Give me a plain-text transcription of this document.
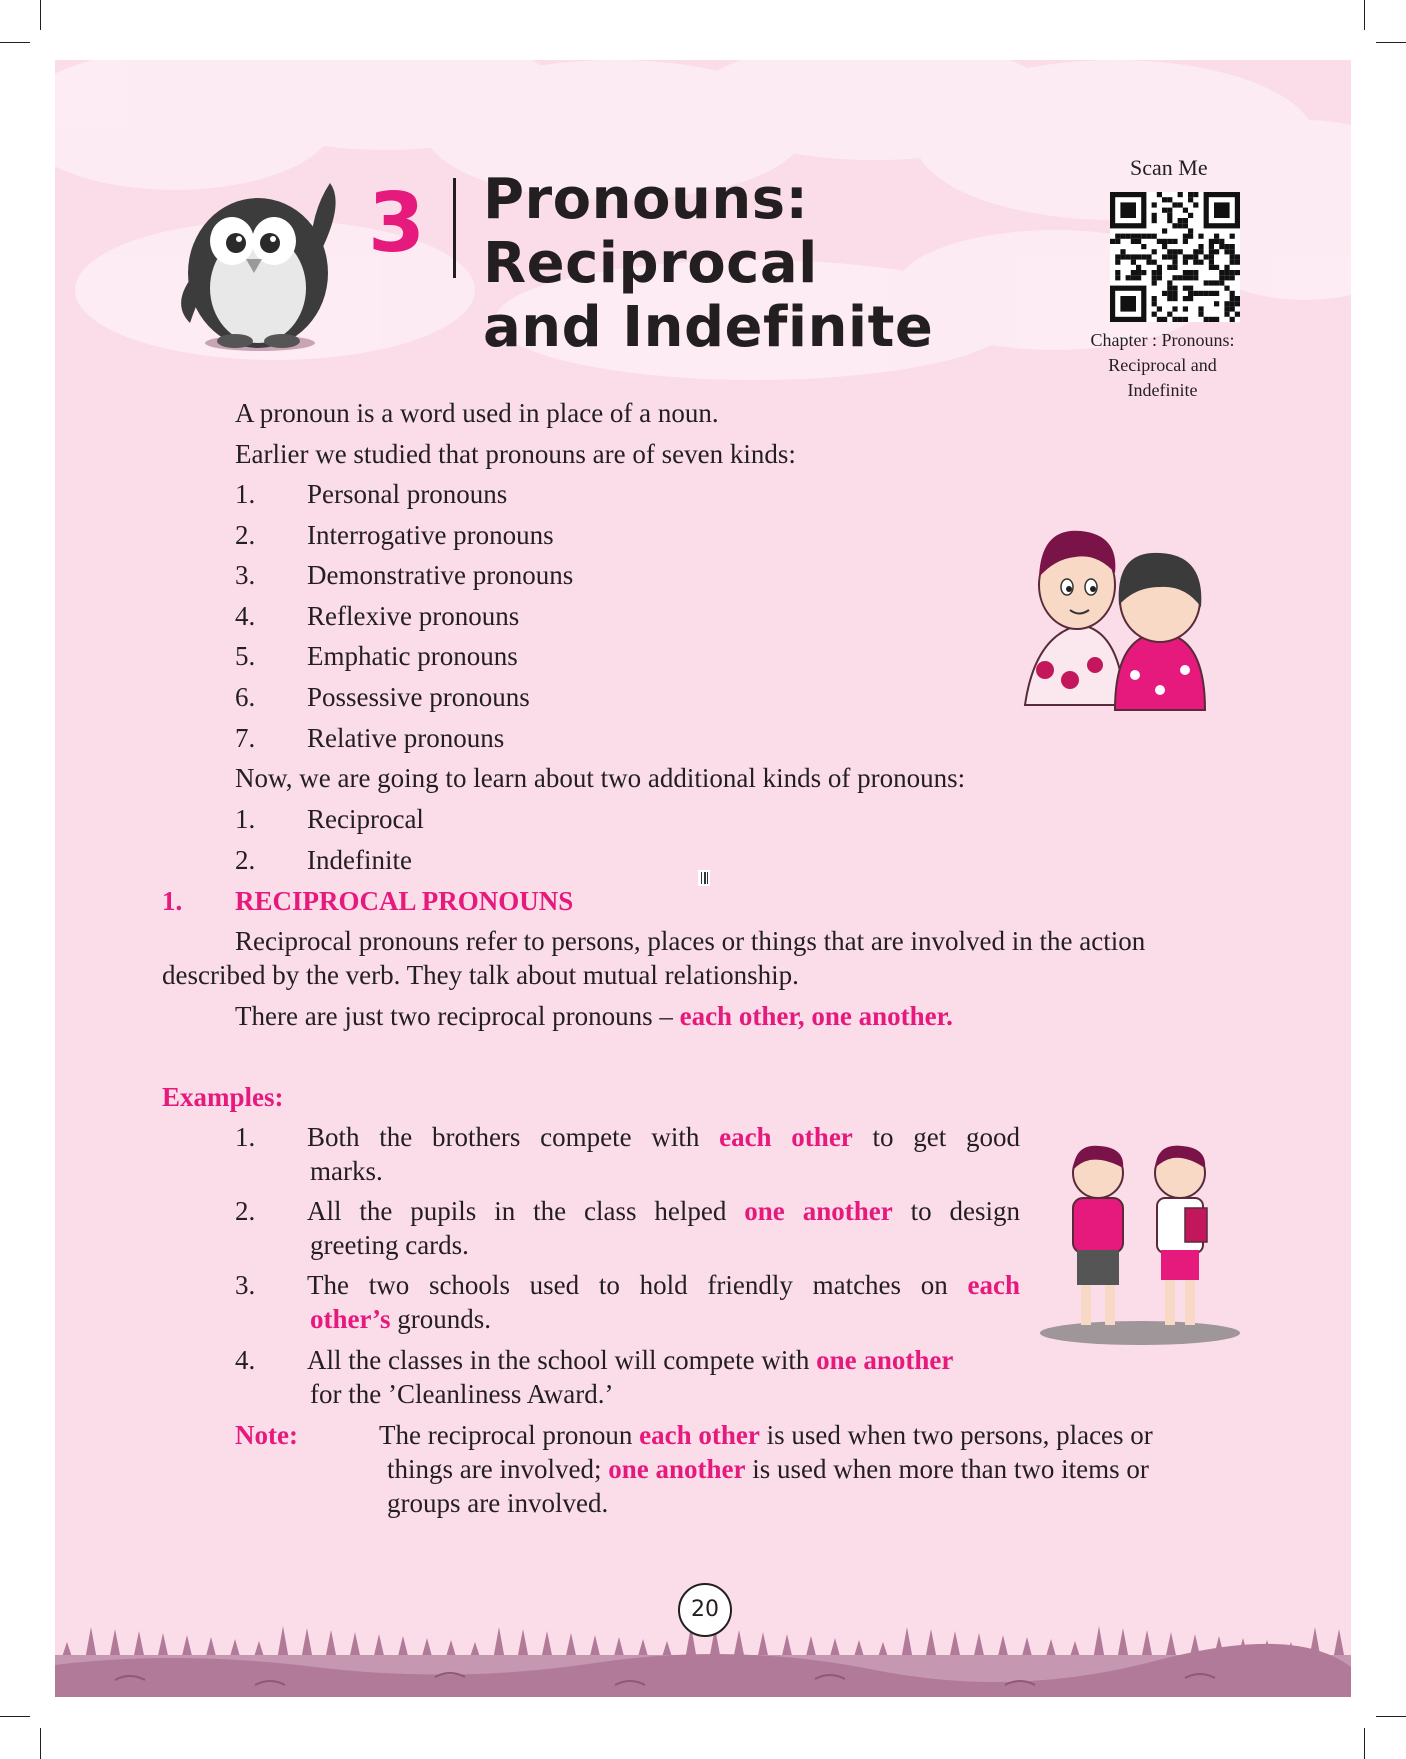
3 Pronouns: Reciprocal
and Indefinite
Scan Me
Chapter : Pronouns:
Reciprocal and
Indefinite
A pronoun is a word used in place of a noun.
Earlier we studied that pronouns are of seven kinds:
1. Personal pronouns
2. Interrogative pronouns
3. Demonstrative pronouns
4. Reflexive pronouns
5. Emphatic pronouns
6. Possessive pronouns
7. Relative pronouns
Now, we are going to learn about two additional kinds of pronouns:
1. Reciprocal
2. Indefinite
1. RECIPROCAL PRONOUNS
Reciprocal pronouns refer to persons, places or things that are involved in the action
described by the verb. They talk about mutual relationship.
There are just two reciprocal pronouns – each other, one another.
Examples:
1. Both the brothers compete with each other to get good
marks.
2. All the pupils in the class helped one another to design
greeting cards.
3. The two schools used to hold friendly matches on each
other’s grounds.
4. All the classes in the school will compete with one another
for the ’Cleanliness Award.’
Note:	The reciprocal pronoun each other is used when two persons, places or
things are involved; one another is used when more than two items or
groups are involved.
20
